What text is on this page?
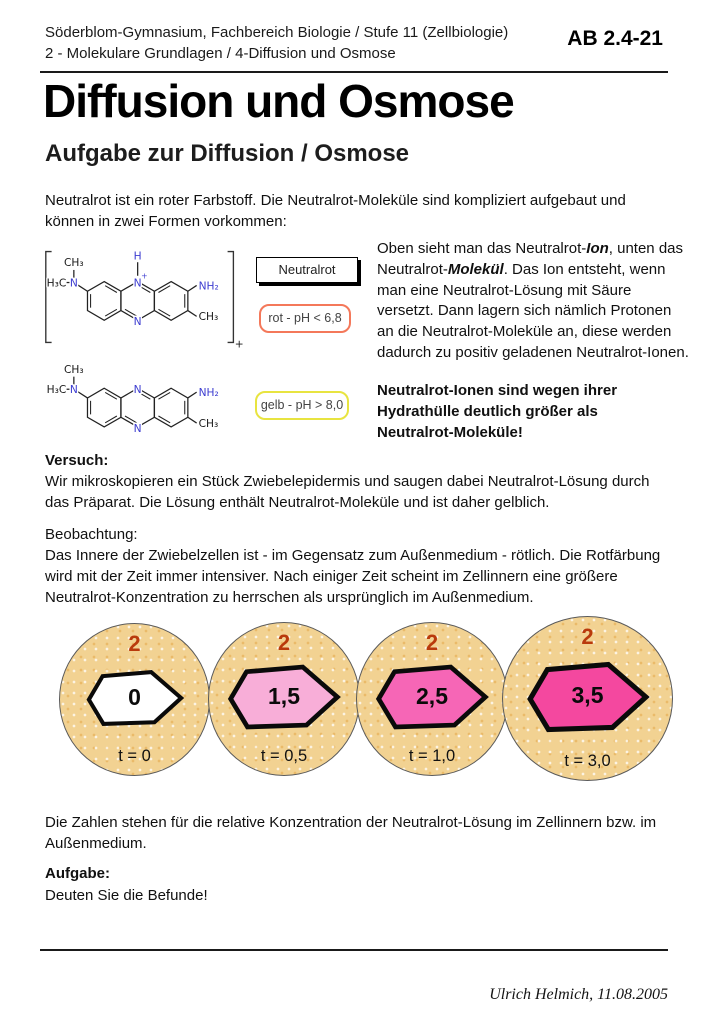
Söderblom-Gymnasium, Fachbereich Biologie / Stufe 11 (Zellbiologie)
2 - Molekulare Grundlagen / 4-Diffusion und Osmose
AB 2.4-21
Diffusion und Osmose
Aufgabe zur Diffusion / Osmose

Neutralrot ist ein roter Farbstoff. Die Neutralrot-Moleküle sind kompliziert aufgebaut und können in zwei Formen vorkommen:

CH₃
H₃C N
H
N
+
NH₂
N	CH₃
+
Neutralrot
rot - pH < 6,8
gelb - pH > 8,0

Oben sieht man das Neutralrot-Ion, unten das Neutralrot-Molekül. Das Ion entsteht, wenn man eine Neutralrot-Lösung mit Säure versetzt. Dann lagern sich nämlich Protonen an die Neutralrot-Moleküle an, diese werden dadurch zu positiv geladenen Neutralrot-Ionen.

Neutralrot-Ionen sind wegen ihrer Hydrathülle deutlich größer als Neutralrot-Moleküle!

CH₃
H₃C N	N	NH₂
N	CH₃

Versuch:

Wir mikroskopieren ein Stück Zwiebelepidermis und saugen dabei Neutralrot-Lösung durch das Präparat. Die Lösung enthält Neutralrot-Moleküle und ist daher gelblich.

Beobachtung:

Das Innere der Zwiebelzellen ist - im Gegensatz zum Außenmedium - rötlich. Die Rotfärbung wird mit der Zeit immer intensiver. Nach einiger Zeit scheint im Zellinnern eine größere Neutralrot-Konzentration zu herrschen als ursprünglich im Außenmedium.

2
0
t = 0
2
1,5
t = 0,5
2
2,5
t = 1,0
2
3,5
t = 3,0

Die Zahlen stehen für die relative Konzentration der Neutralrot-Lösung im Zellinnern bzw. im Außenmedium.

Aufgabe:

Deuten Sie die Befunde!

Ulrich Helmich, 11.08.2005
